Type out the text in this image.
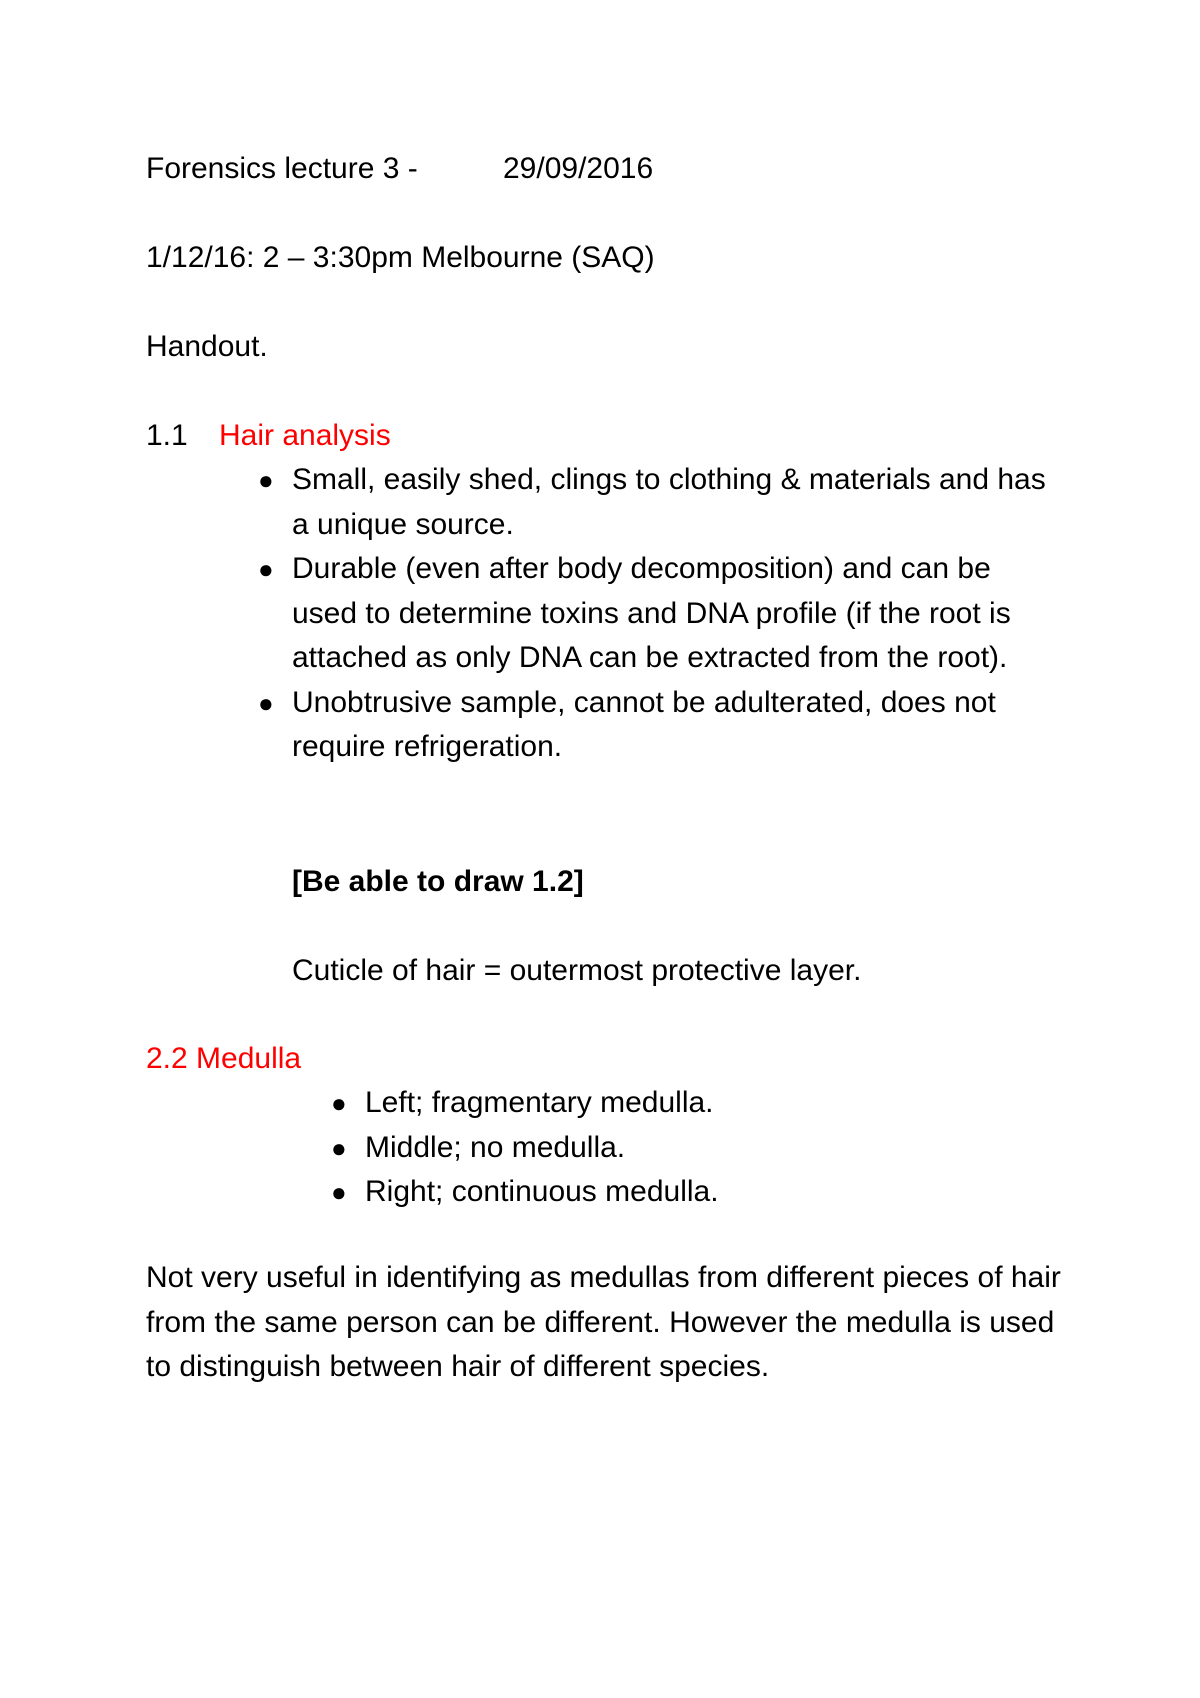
Forensics lecture 3 -	29/09/2016
1/12/16: 2 – 3:30pm Melbourne (SAQ)
Handout.
1.1 Hair analysis
● Small, easily shed, clings to clothing & materials and has a unique source.
● Durable (even after body decomposition) and can be used to determine toxins and DNA profile (if the root is attached as only DNA can be extracted from the root).
● Unobtrusive sample, cannot be adulterated, does not require refrigeration.
[Be able to draw 1.2]
Cuticle of hair = outermost protective layer.
2.2 Medulla
● Left; fragmentary medulla.
● Middle; no medulla.
● Right; continuous medulla.

Not very useful in identifying as medullas from different pieces of hair from the same person can be different. However the medulla is used to distinguish between hair of different species.
